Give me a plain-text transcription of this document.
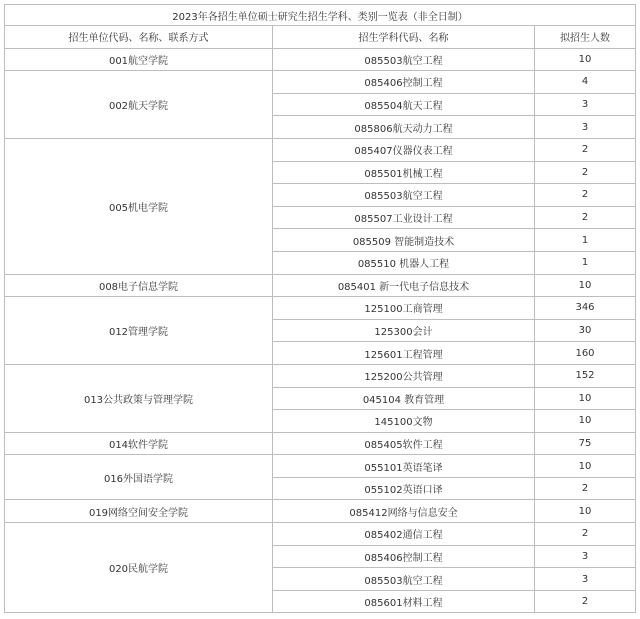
2023年各招生单位硕士研究生招生学科、类别一览表（非全日制）		
招生单位代码、名称、联系方式	招生学科代码、名称	拟招生人数
001航空学院	085503航空工程	10
002航天学院	085406控制工程	4
	085504航天工程	3
	085806航天动力工程	3
005机电学院	085407仪器仪表工程	2
	085501机械工程	2
	085503航空工程	2
	085507工业设计工程	2
	085509 智能制造技术	1
	085510 机器人工程	1
008电子信息学院	085401 新一代电子信息技术	10
012管理学院	125100工商管理	346
	125300会计	30
	125601工程管理	160
013公共政策与管理学院	125200公共管理	152
	045104 教育管理	10
	145100文物	10
014软件学院	085405软件工程	75
016外国语学院	055101英语笔译	10
	055102英语口译	2
019网络空间安全学院	085412网络与信息安全	10
020民航学院	085402通信工程	2
	085406控制工程	3
	085503航空工程	3
	085601材料工程	2
